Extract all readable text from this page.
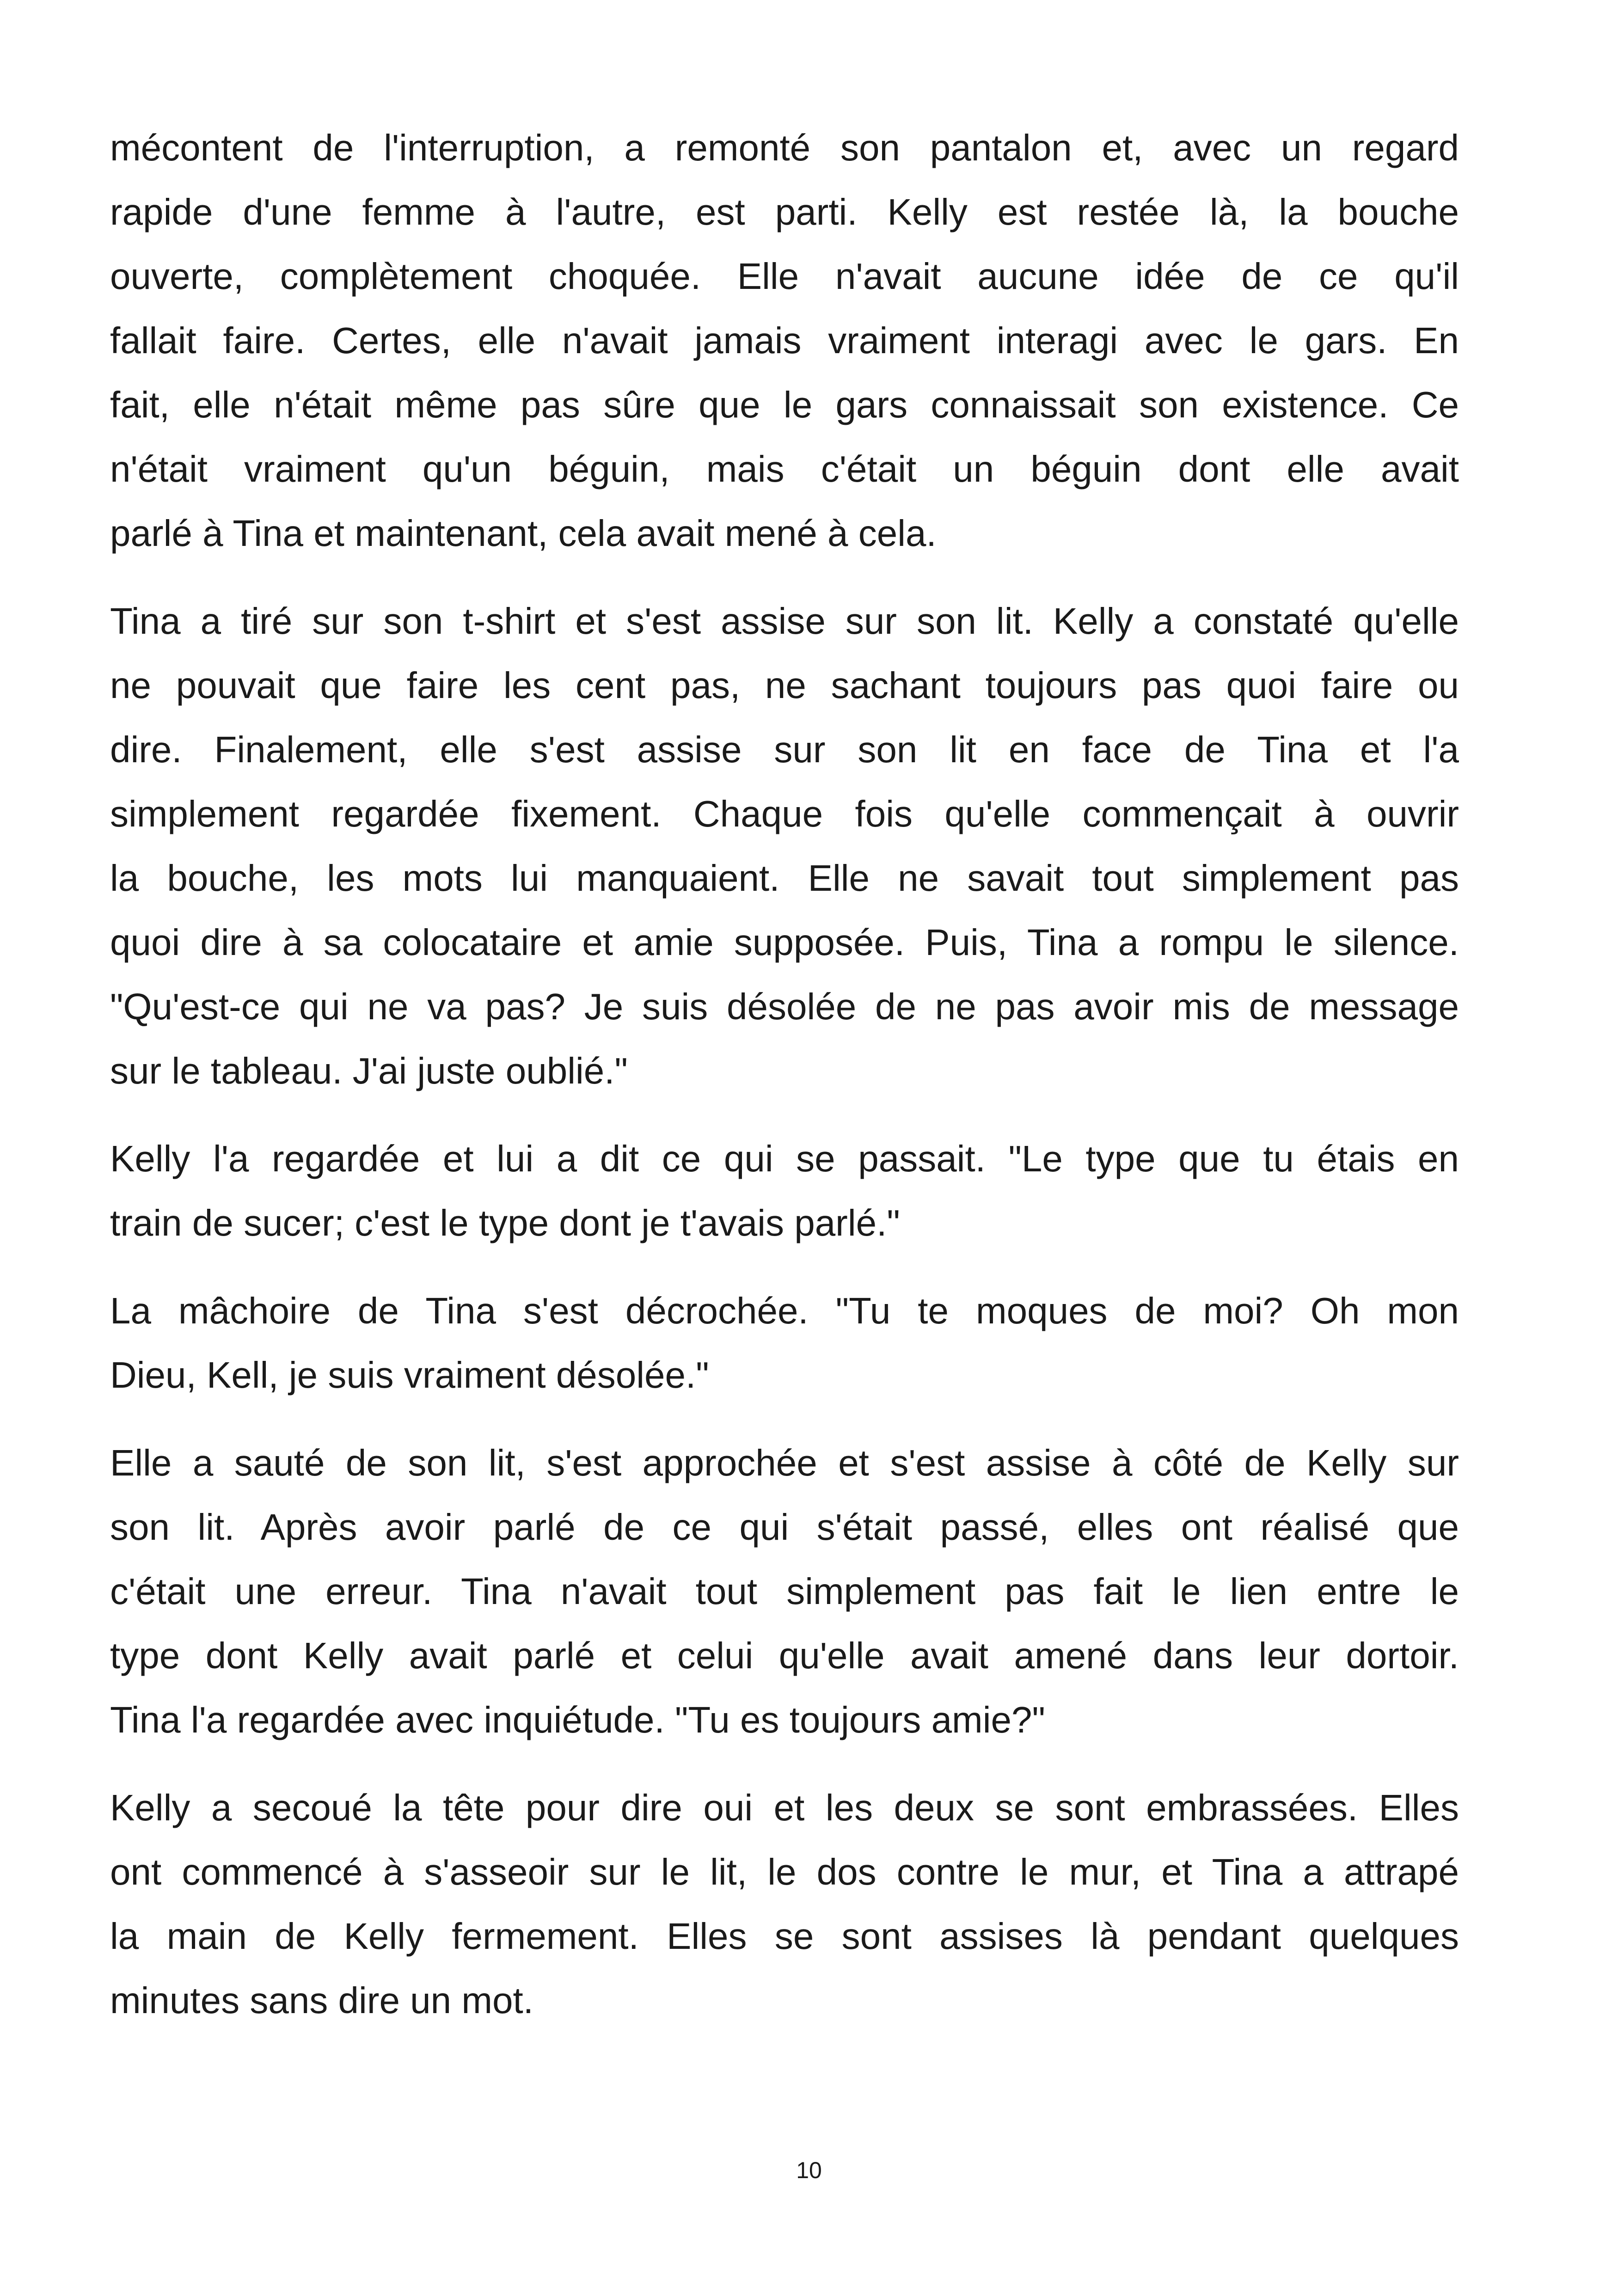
mécontent de l'interruption, a remonté son pantalon et, avec un regard
rapide d'une femme à l'autre, est parti. Kelly est restée là, la bouche
ouverte, complètement choquée. Elle n'avait aucune idée de ce qu'il
fallait faire. Certes, elle n'avait jamais vraiment interagi avec le gars. En
fait, elle n'était même pas sûre que le gars connaissait son existence. Ce
n'était vraiment qu'un béguin, mais c'était un béguin dont elle avait
parlé à Tina et maintenant, cela avait mené à cela.
Tina a tiré sur son t-shirt et s'est assise sur son lit. Kelly a constaté qu'elle
ne pouvait que faire les cent pas, ne sachant toujours pas quoi faire ou
dire. Finalement, elle s'est assise sur son lit en face de Tina et l'a
simplement regardée fixement. Chaque fois qu'elle commençait à ouvrir
la bouche, les mots lui manquaient. Elle ne savait tout simplement pas
quoi dire à sa colocataire et amie supposée. Puis, Tina a rompu le silence.
"Qu'est-ce qui ne va pas? Je suis désolée de ne pas avoir mis de message
sur le tableau. J'ai juste oublié."
Kelly l'a regardée et lui a dit ce qui se passait. "Le type que tu étais en
train de sucer; c'est le type dont je t'avais parlé."
La mâchoire de Tina s'est décrochée. "Tu te moques de moi? Oh mon
Dieu, Kell, je suis vraiment désolée."
Elle a sauté de son lit, s'est approchée et s'est assise à côté de Kelly sur
son lit. Après avoir parlé de ce qui s'était passé, elles ont réalisé que
c'était une erreur. Tina n'avait tout simplement pas fait le lien entre le
type dont Kelly avait parlé et celui qu'elle avait amené dans leur dortoir.
Tina l'a regardée avec inquiétude. "Tu es toujours amie?"
Kelly a secoué la tête pour dire oui et les deux se sont embrassées. Elles
ont commencé à s'asseoir sur le lit, le dos contre le mur, et Tina a attrapé
la main de Kelly fermement. Elles se sont assises là pendant quelques
minutes sans dire un mot.
10
